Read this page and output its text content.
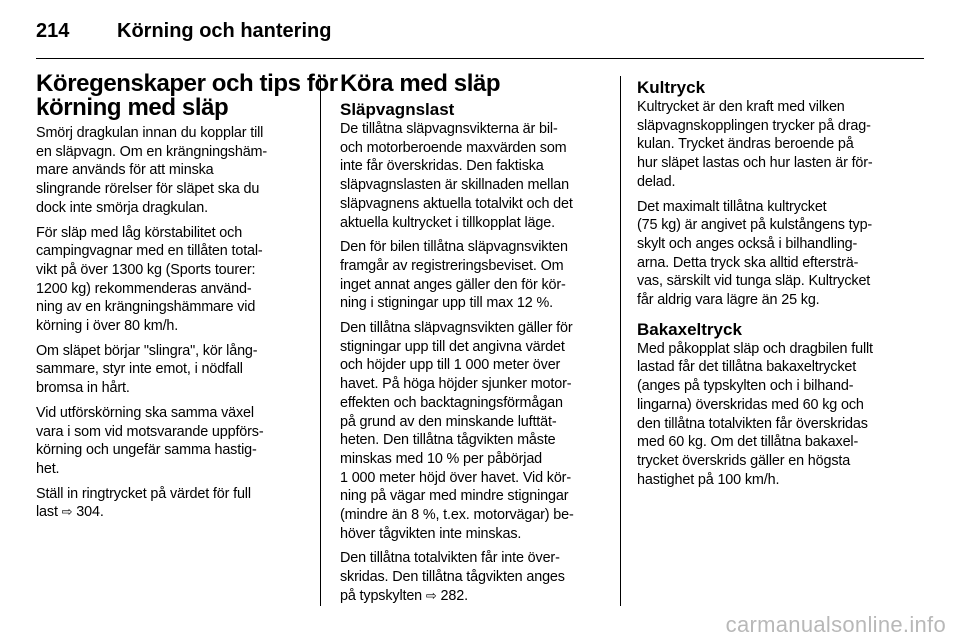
214 Körning och hantering
Köregenskaper och tips för
körning med släp

Smörj dragkulan innan du kopplar till
en släpvagn. Om en krängningshäm-
mare används för att minska
slingrande rörelser för släpet ska du
dock inte smörja dragkulan.

För släp med låg körstabilitet och
campingvagnar med en tillåten total-
vikt på över 1300 kg (Sports tourer:
1200 kg) rekommenderas använd-
ning av en krängningshämmare vid
körning i över 80 km/h.

Om släpet börjar "slingra", kör lång-
sammare, styr inte emot, i nödfall
bromsa in hårt.

Vid utförskörning ska samma växel
vara i som vid motsvarande uppförs-
körning och ungefär samma hastig-
het.

Ställ in ringtrycket på värdet för full
last ⇨ 304.

Köra med släp
Släpvagnslast

De tillåtna släpvagnsvikterna är bil-
och motorberoende maxvärden som
inte får överskridas. Den faktiska
släpvagnslasten är skillnaden mellan
släpvagnens aktuella totalvikt och det
aktuella kultrycket i tillkopplat läge.

Den för bilen tillåtna släpvagnsvikten
framgår av registreringsbeviset. Om
inget annat anges gäller den för kör-
ning i stigningar upp till max 12 %.

Den tillåtna släpvagnsvikten gäller för
stigningar upp till det angivna värdet
och höjder upp till 1 000 meter över
havet. På höga höjder sjunker motor-
effekten och backtagningsförmågan
på grund av den minskande lufttät-
heten. Den tillåtna tågvikten måste
minskas med 10 % per påbörjad
1 000 meter höjd över havet. Vid kör-
ning på vägar med mindre stigningar
(mindre än 8 %, t.ex. motorvägar) be-
höver tågvikten inte minskas.

Den tillåtna totalvikten får inte över-
skridas. Den tillåtna tågvikten anges
på typskylten ⇨ 282.

Kultryck

Kultrycket är den kraft med vilken
släpvagnskopplingen trycker på drag-
kulan. Trycket ändras beroende på
hur släpet lastas och hur lasten är för-
delad.

Det maximalt tillåtna kultrycket
(75 kg) är angivet på kulstångens typ-
skylt och anges också i bilhandling-
arna. Detta tryck ska alltid eftersträ-
vas, särskilt vid tunga släp. Kultrycket
får aldrig vara lägre än 25 kg.

Bakaxeltryck

Med påkopplat släp och dragbilen fullt
lastad får det tillåtna bakaxeltrycket
(anges på typskylten och i bilhand-
lingarna) överskridas med 60 kg och
den tillåtna totalvikten får överskridas
med 60 kg. Om det tillåtna bakaxel-
trycket överskrids gäller en högsta
hastighet på 100 km/h.

carmanualsonline.info
